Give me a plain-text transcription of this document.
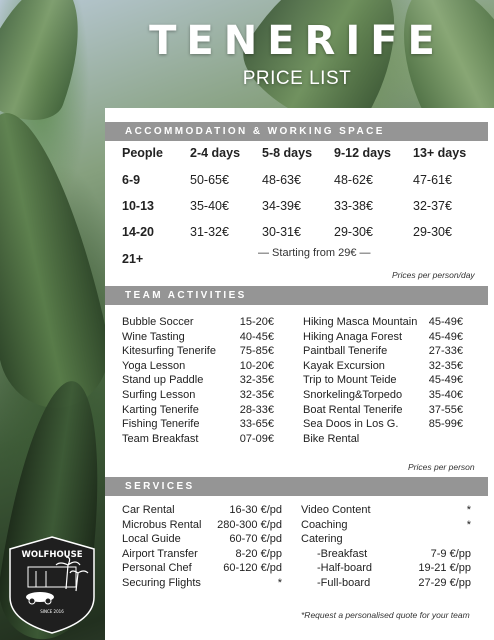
TENERIFE
PRICE LIST
ACCOMMODATION & WORKING SPACE
People 2-4 days 5-8 days 9-12 days 13+ days
6-9	50-65€	48-63€	48-62€	47-61€
10-13	35-40€	34-39€	33-38€	32-37€
14-20	31-32€	30-31€	29-30€	29-30€
21+	— Starting from 29€ —
Prices per person/day
TEAM ACTIVITIES
Bubble Soccer	15-20€
Wine Tasting	40-45€
Kitesurfing Tenerife 75-85€
Yoga Lesson	10-20€
Stand up Paddle	32-35€
Surfing Lesson	32-35€
Karting Tenerife	28-33€
Fishing Tenerife	33-65€
Team Breakfast	07-09€
Hiking Masca Mountain 45-49€
Hiking Anaga Forest 45-49€
Paintball Tenerife	27-33€
Kayak Excursion	32-35€
Trip to Mount Teide	45-49€
Snorkeling&Torpedo 35-40€
Boat Rental Tenerife 37-55€
Sea Doos in Los G.	85-99€
Bike Rental
Prices per person
SERVICES
Car Rental	16-30 €/pd
Microbus Rental 280-300 €/pd
Local Guide	60-70 €/pd
Airport Transfer	8-20 €/pp
Personal Chef	60-120 €/pd
Securing Flights	*
Video Content	*
Coaching	*
Catering
-Breakfast	7-9 €/pp
-Half-board	19-21 €/pp
-Full-board	27-29 €/pp
*Request a personalised quote for your team
WOLFHOUSE
SINCE 2016
